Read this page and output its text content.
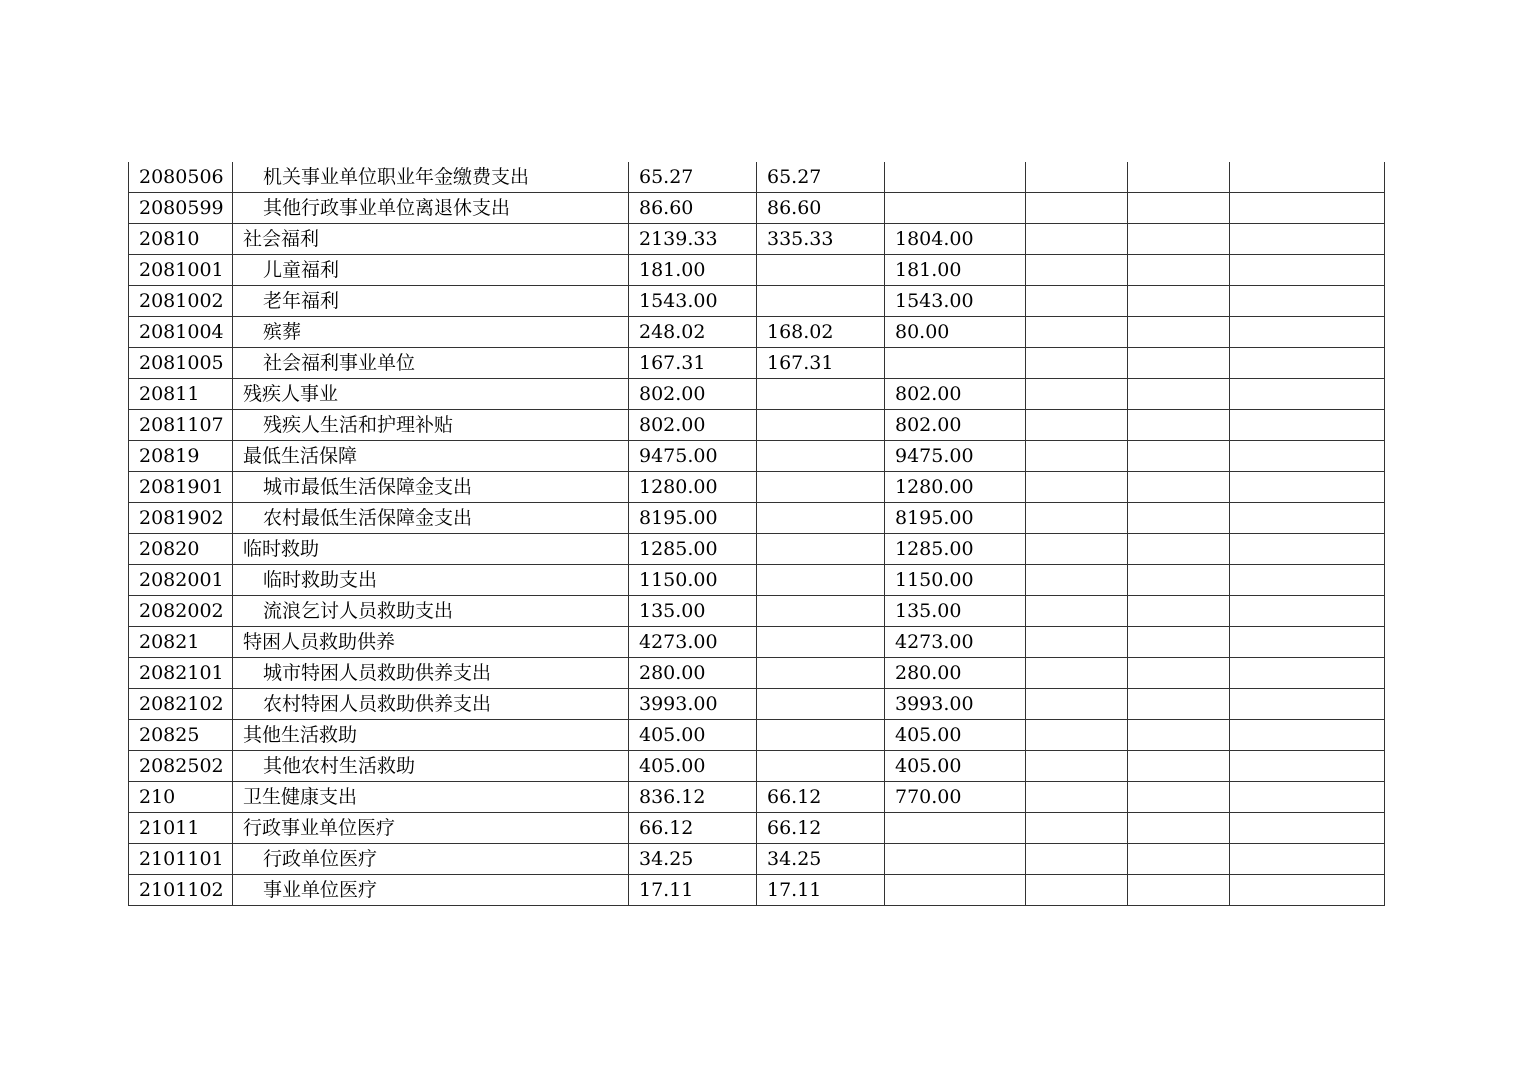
2080506	机关事业单位职业年金缴费支出	65.27	65.27				
2080599	其他行政事业单位离退休支出	86.60	86.60				
20810	社会福利	2139.33	335.33	1804.00			
2081001	儿童福利	181.00		181.00			
2081002	老年福利	1543.00		1543.00			
2081004	殡葬	248.02	168.02	80.00			
2081005	社会福利事业单位	167.31	167.31				
20811	残疾人事业	802.00		802.00			
2081107	残疾人生活和护理补贴	802.00		802.00			
20819	最低生活保障	9475.00		9475.00			
2081901	城市最低生活保障金支出	1280.00		1280.00			
2081902	农村最低生活保障金支出	8195.00		8195.00			
20820	临时救助	1285.00		1285.00			
2082001	临时救助支出	1150.00		1150.00			
2082002	流浪乞讨人员救助支出	135.00		135.00			
20821	特困人员救助供养	4273.00		4273.00			
2082101	城市特困人员救助供养支出	280.00		280.00			
2082102	农村特困人员救助供养支出	3993.00		3993.00			
20825	其他生活救助	405.00		405.00			
2082502	其他农村生活救助	405.00		405.00			
210	卫生健康支出	836.12	66.12	770.00			
21011	行政事业单位医疗	66.12	66.12				
2101101	行政单位医疗	34.25	34.25				
2101102	事业单位医疗	17.11	17.11				
